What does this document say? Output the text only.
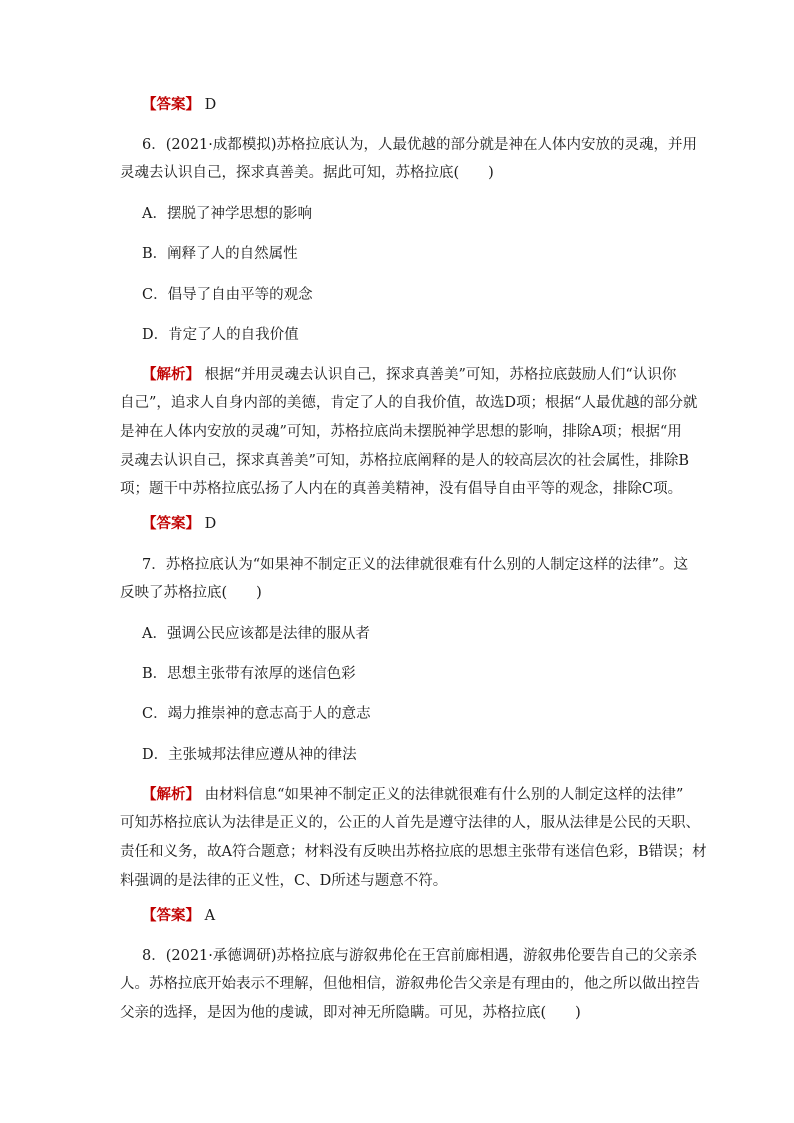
【答案】 D
6．(2021·成都模拟)苏格拉底认为，人最优越的部分就是神在人体内安放的灵魂，并用
灵魂去认识自己，探求真善美。据此可知，苏格拉底(　　)
A．摆脱了神学思想的影响
B．阐释了人的自然属性
C．倡导了自由平等的观念
D．肯定了人的自我价值
【解析】 根据“并用灵魂去认识自己，探求真善美”可知，苏格拉底鼓励人们“认识你
自己”，追求人自身内部的美德，肯定了人的自我价值，故选D项；根据“人最优越的部分就
是神在人体内安放的灵魂”可知，苏格拉底尚未摆脱神学思想的影响，排除A项；根据“用
灵魂去认识自己，探求真善美”可知，苏格拉底阐释的是人的较高层次的社会属性，排除B
项；题干中苏格拉底弘扬了人内在的真善美精神，没有倡导自由平等的观念，排除C项。
【答案】 D
7．苏格拉底认为“如果神不制定正义的法律就很难有什么别的人制定这样的法律”。这
反映了苏格拉底(　　)
A．强调公民应该都是法律的服从者
B．思想主张带有浓厚的迷信色彩
C．竭力推崇神的意志高于人的意志
D．主张城邦法律应遵从神的律法
【解析】 由材料信息“如果神不制定正义的法律就很难有什么别的人制定这样的法律”
可知苏格拉底认为法律是正义的，公正的人首先是遵守法律的人，服从法律是公民的天职、
责任和义务，故A符合题意；材料没有反映出苏格拉底的思想主张带有迷信色彩，B错误；材
料强调的是法律的正义性，C、D所述与题意不符。
【答案】 A
8．(2021·承德调研)苏格拉底与游叙弗伦在王宫前廊相遇，游叙弗伦要告自己的父亲杀
人。苏格拉底开始表示不理解，但他相信，游叙弗伦告父亲是有理由的，他之所以做出控告
父亲的选择，是因为他的虔诚，即对神无所隐瞒。可见，苏格拉底(　　)
